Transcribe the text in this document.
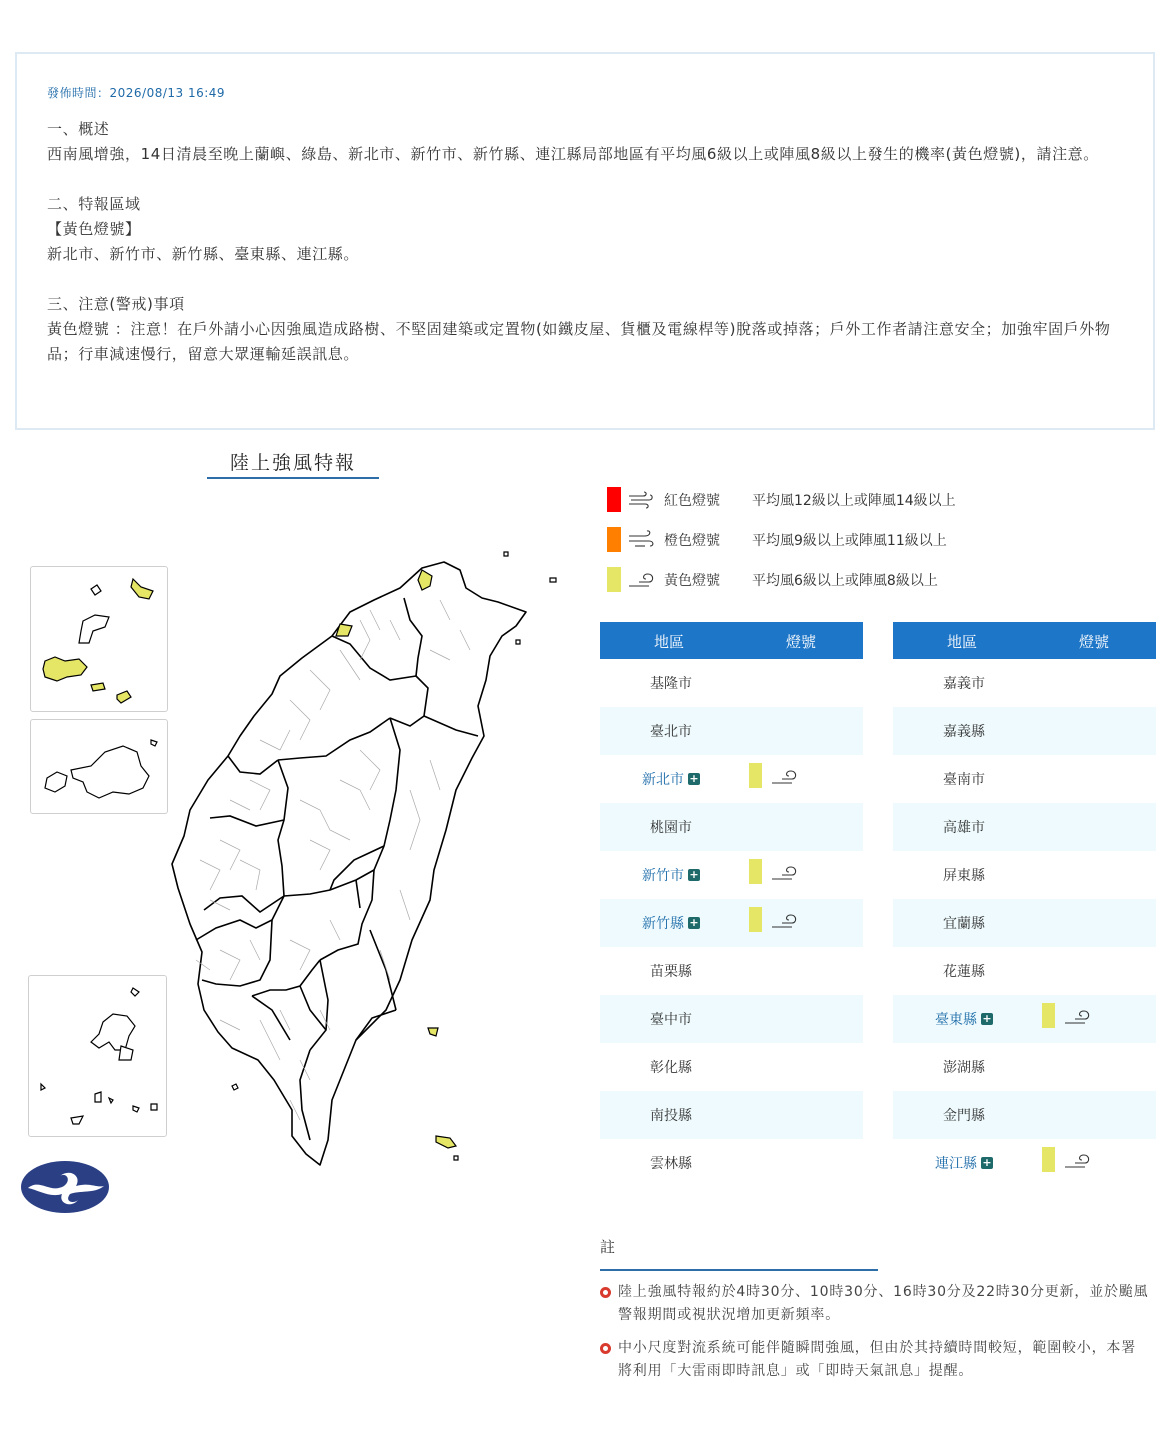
發佈時間：2026/08/13 16:49

一、概述

西南風增強，14日清晨至晚上蘭嶼、綠島、新北市、新竹市、新竹縣、連江縣局部地區有平均風6級以上或陣風8級以上發生的機率(黃色燈號)，請注意。

二、特報區域

【黃色燈號】

新北市、新竹市、新竹縣、臺東縣、連江縣。

三、注意(警戒)事項

黃色燈號 ：注意！在戶外請小心因強風造成路樹、不堅固建築或定置物(如鐵皮屋、貨櫃及電線桿等)脫落或掉落；戶外工作者請注意安全；加強牢固戶外物品；行車減速慢行，留意大眾運輸延誤訊息。

陸上強風特報
紅色燈號 平均風12級以上或陣風14級以上
橙色燈號 平均風9級以上或陣風11級以上
黃色燈號 平均風6級以上或陣風8級以上
地區	燈號
基隆市
臺北市
新北市 +
桃園市
新竹市 +
新竹縣 +
苗栗縣
臺中市
彰化縣
南投縣
雲林縣
地區	燈號
嘉義市
嘉義縣
臺南市
高雄市
屏東縣
宜蘭縣
花蓮縣
臺東縣 +
澎湖縣
金門縣
連江縣 +
註
陸上強風特報約於4時30分、10時30分、16時30分及22時30分更新，並於颱風警報期間或視狀況增加更新頻率。
中小尺度對流系統可能伴隨瞬間強風，但由於其持續時間較短，範圍較小，本署將利用「大雷雨即時訊息」或「即時天氣訊息」提醒。
